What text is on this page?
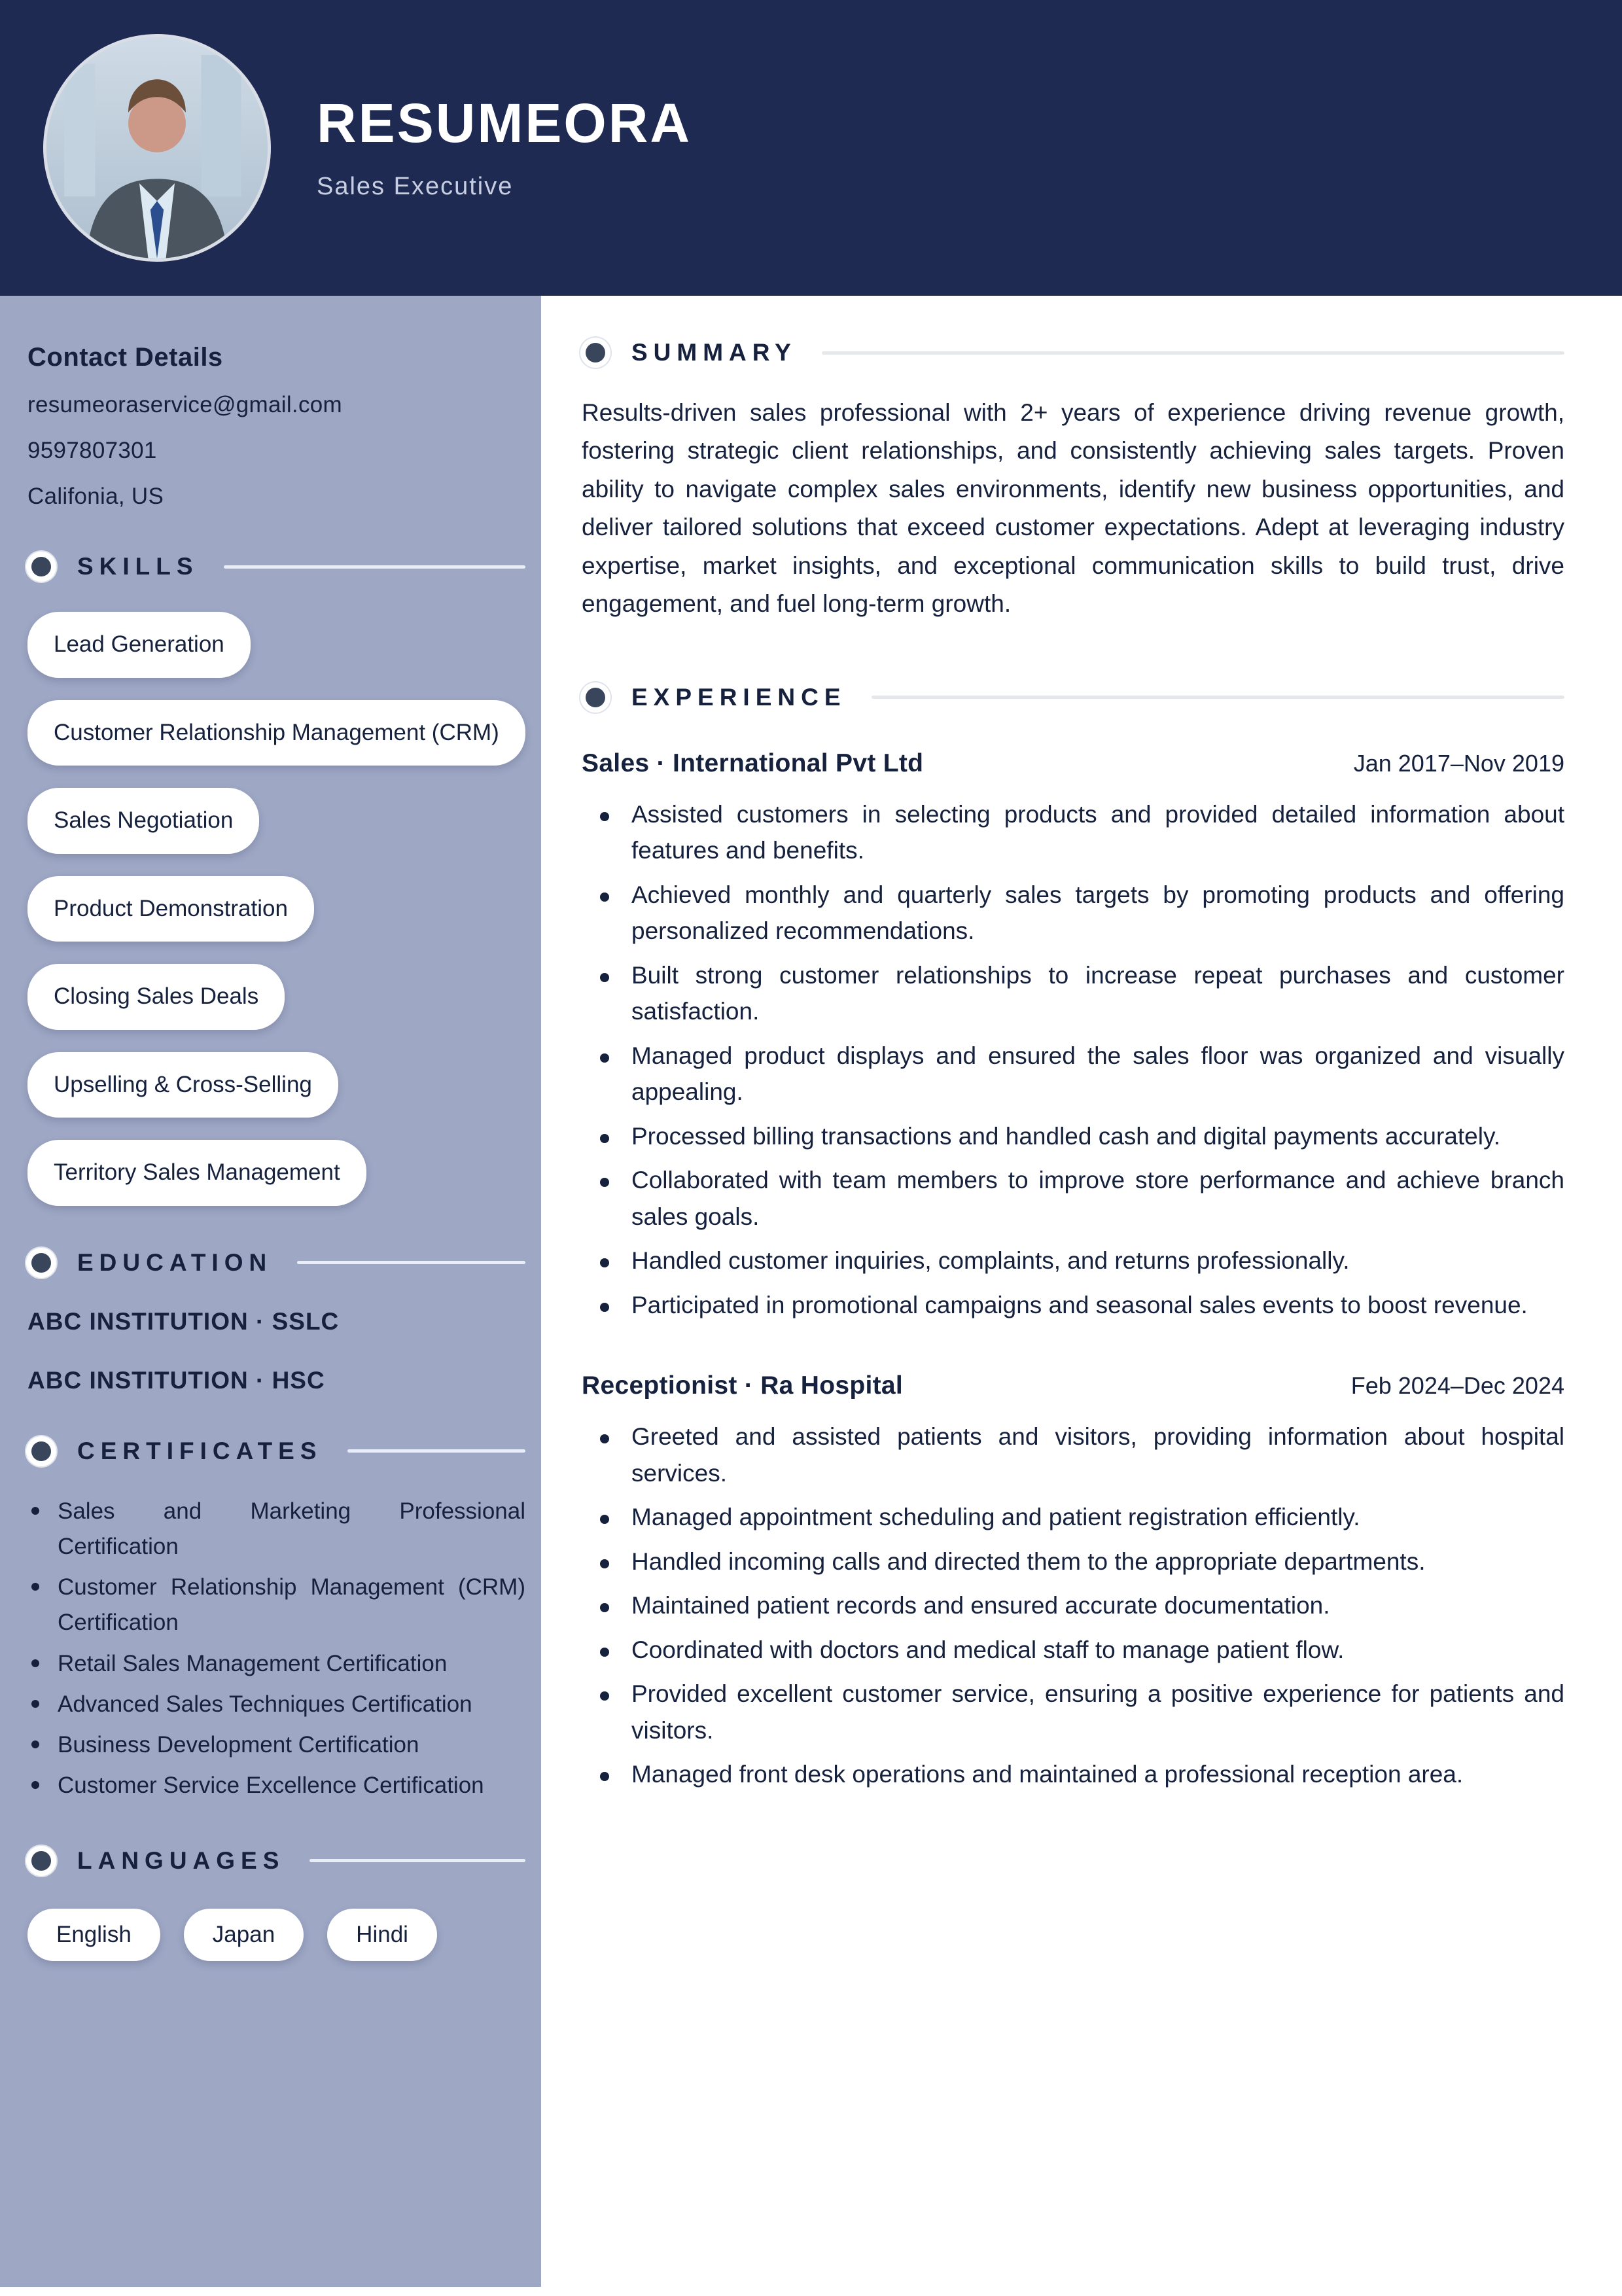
RESUMEORA
Sales Executive
Contact Details
resumeoraservice@gmail.com
9597807301
Califonia, US
SKILLS
Lead Generation
Customer Relationship Management (CRM)
Sales Negotiation
Product Demonstration
Closing Sales Deals
Upselling & Cross-Selling
Territory Sales Management
EDUCATION
ABC INSTITUTION · SSLC
ABC INSTITUTION · HSC
CERTIFICATES
Sales and Marketing Professional Certification
Customer Relationship Management (CRM) Certification
Retail Sales Management Certification
Advanced Sales Techniques Certification
Business Development Certification
Customer Service Excellence Certification
LANGUAGES
English	Japan	Hindi
SUMMARY

Results-driven sales professional with 2+ years of experience driving revenue growth, fostering strategic client relationships, and consistently achieving sales targets. Proven ability to navigate complex sales environments, identify new business opportunities, and deliver tailored solutions that exceed customer expectations. Adept at leveraging industry expertise, market insights, and exceptional communication skills to build trust, drive engagement, and fuel long-term growth.

EXPERIENCE
Sales · International Pvt Ltd	Jan 2017–Nov 2019
Assisted customers in selecting products and provided detailed information about features and benefits.
Achieved monthly and quarterly sales targets by promoting products and offering personalized recommendations.
Built strong customer relationships to increase repeat purchases and customer satisfaction.
Managed product displays and ensured the sales floor was organized and visually appealing.
Processed billing transactions and handled cash and digital payments accurately.
Collaborated with team members to improve store performance and achieve branch sales goals.
Handled customer inquiries, complaints, and returns professionally.
Participated in promotional campaigns and seasonal sales events to boost revenue.
Receptionist · Ra Hospital	Feb 2024–Dec 2024
Greeted and assisted patients and visitors, providing information about hospital services.
Managed appointment scheduling and patient registration efficiently.
Handled incoming calls and directed them to the appropriate departments.
Maintained patient records and ensured accurate documentation.
Coordinated with doctors and medical staff to manage patient flow.
Provided excellent customer service, ensuring a positive experience for patients and visitors.
Managed front desk operations and maintained a professional reception area.
